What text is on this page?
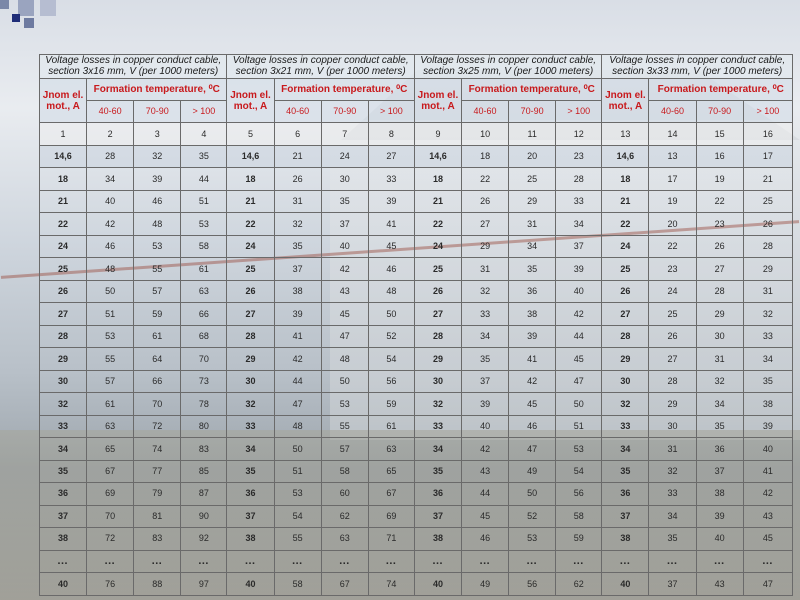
Voltage losses in copper conduct cable, section 3x16 mm, V (per 1000 meters)				Voltage losses in copper conduct cable, section 3x21 mm, V (per 1000 meters)				Voltage losses in copper conduct cable, section 3x25 mm, V (per 1000 meters)				Voltage losses in copper conduct cable, section 3x33 mm, V (per 1000 meters)			
Jnom el. mot., A	Formation temperature, ⁰С			Jnom el. mot., A	Formation temperature, ⁰С			Jnom el. mot., A	Formation temperature, ⁰С			Jnom el. mot., A	Formation temperature, ⁰С		
	40-60	70-90	> 100		40-60	70-90	> 100		40-60	70-90	> 100		40-60	70-90	> 100
1	2	3	4	5	6	7	8	9	10	11	12	13	14	15	16
14,6	28	32	35	14,6	21	24	27	14,6	18	20	23	14,6	13	16	17
18	34	39	44	18	26	30	33	18	22	25	28	18	17	19	21
21	40	46	51	21	31	35	39	21	26	29	33	21	19	22	25
22	42	48	53	22	32	37	41	22	27	31	34	22	20	23	26
24	46	53	58	24	35	40	45	24	29	34	37	24	22	26	28
25	48	55	61	25	37	42	46	25	31	35	39	25	23	27	29
26	50	57	63	26	38	43	48	26	32	36	40	26	24	28	31
27	51	59	66	27	39	45	50	27	33	38	42	27	25	29	32
28	53	61	68	28	41	47	52	28	34	39	44	28	26	30	33
29	55	64	70	29	42	48	54	29	35	41	45	29	27	31	34
30	57	66	73	30	44	50	56	30	37	42	47	30	28	32	35
32	61	70	78	32	47	53	59	32	39	45	50	32	29	34	38
33	63	72	80	33	48	55	61	33	40	46	51	33	30	35	39
34	65	74	83	34	50	57	63	34	42	47	53	34	31	36	40
35	67	77	85	35	51	58	65	35	43	49	54	35	32	37	41
36	69	79	87	36	53	60	67	36	44	50	56	36	33	38	42
37	70	81	90	37	54	62	69	37	45	52	58	37	34	39	43
38	72	83	92	38	55	63	71	38	46	53	59	38	35	40	45
…	…	…	…	…	…	…	…	…	…	…	…	…	…	…	…
40	76	88	97	40	58	67	74	40	49	56	62	40	37	43	47
